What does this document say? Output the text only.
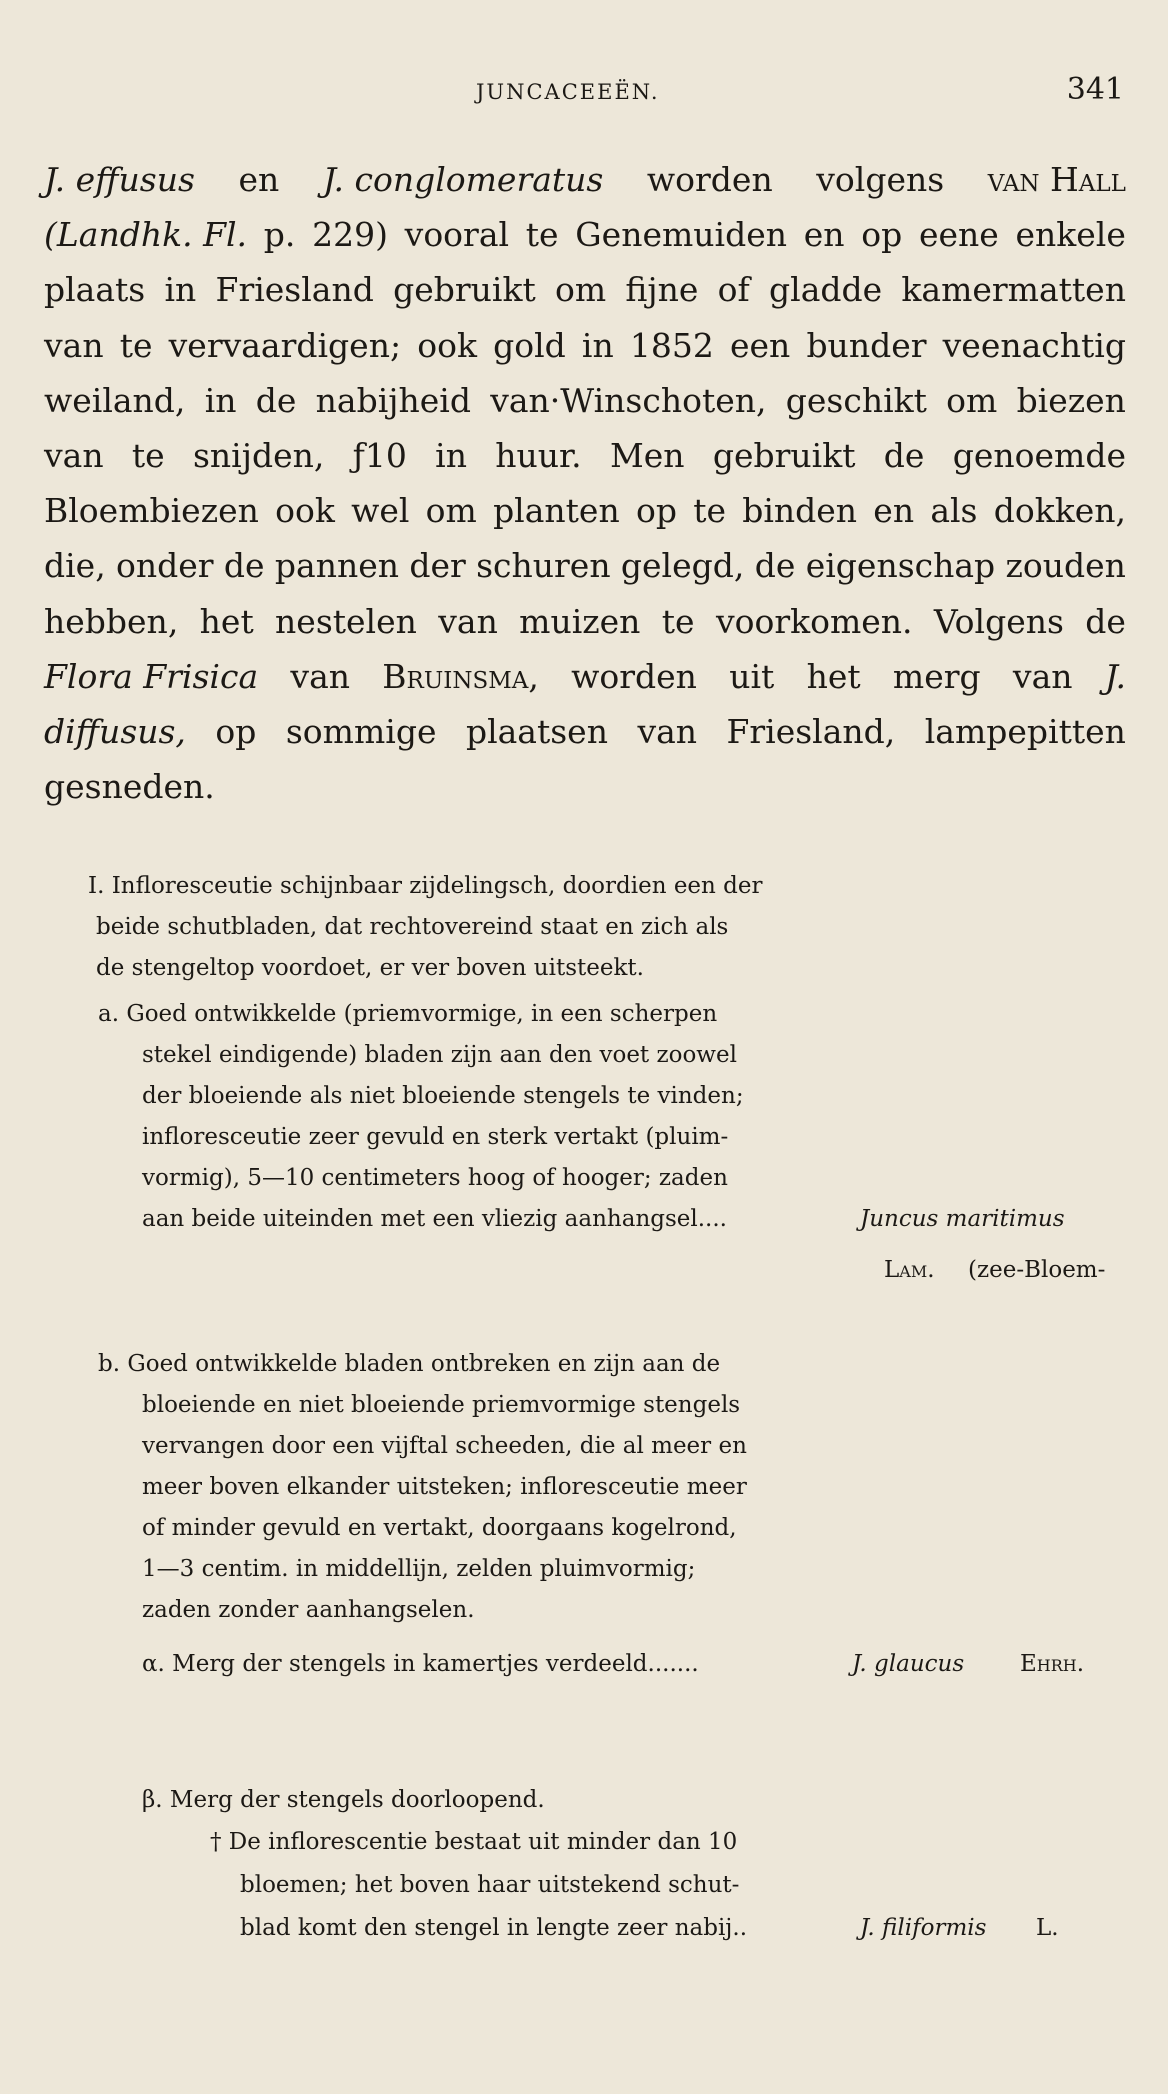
JUNCACEEËN.	341
J. effusus en J. conglomeratus worden volgens van Hall
(Landhk. Fl. p. 229) vooral te Genemuiden en op eene enkele
plaats in Friesland gebruikt om fijne of gladde kamermatten
van te vervaardigen; ook gold in 1852 een bunder veenachtig
weiland, in de nabijheid van·Winschoten, geschikt om biezen
van te snijden, ƒ10 in huur. Men gebruikt de genoemde
Bloembiezen ook wel om planten op te binden en als dokken,
die, onder de pannen der schuren gelegd, de eigenschap zouden
hebben, het nestelen van muizen te voorkomen. Volgens de
Flora Frisica van Bruinsma, worden uit het merg van J.
diffusus, op sommige plaatsen van Friesland, lampepitten
gesneden.
I. Infloresceutie schijnbaar zijdelingsch, doordien een der
beide schutbladen, dat rechtovereind staat en zich als
de stengeltop voordoet, er ver boven uitsteekt.
a. Goed ontwikkelde (priemvormige, in een scherpen
stekel eindigende) bladen zijn aan den voet zoowel
der bloeiende als niet bloeiende stengels te vinden;
infloresceutie zeer gevuld en sterk vertakt (pluim-
vormig), 5—10 centimeters hoog of hooger; zaden
aan beide uiteinden met een vliezig aanhangsel....	Juncus maritimus
Lam. (zee-Bloem-
b. Goed ontwikkelde bladen ontbreken en zijn aan de
bloeiende en niet bloeiende priemvormige stengels
vervangen door een vijftal scheeden, die al meer en
meer boven elkander uitsteken; infloresceutie meer
of minder gevuld en vertakt, doorgaans kogelrond,
1—3 centim. in middellijn, zelden pluimvormig;
zaden zonder aanhangselen.
α. Merg der stengels in kamertjes verdeeld.......	J. glaucus Ehrh.
β. Merg der stengels doorloopend.
† De inflorescentie bestaat uit minder dan 10
bloemen; het boven haar uitstekend schut-
blad komt den stengel in lengte zeer nabij..	J. filiformis L.
